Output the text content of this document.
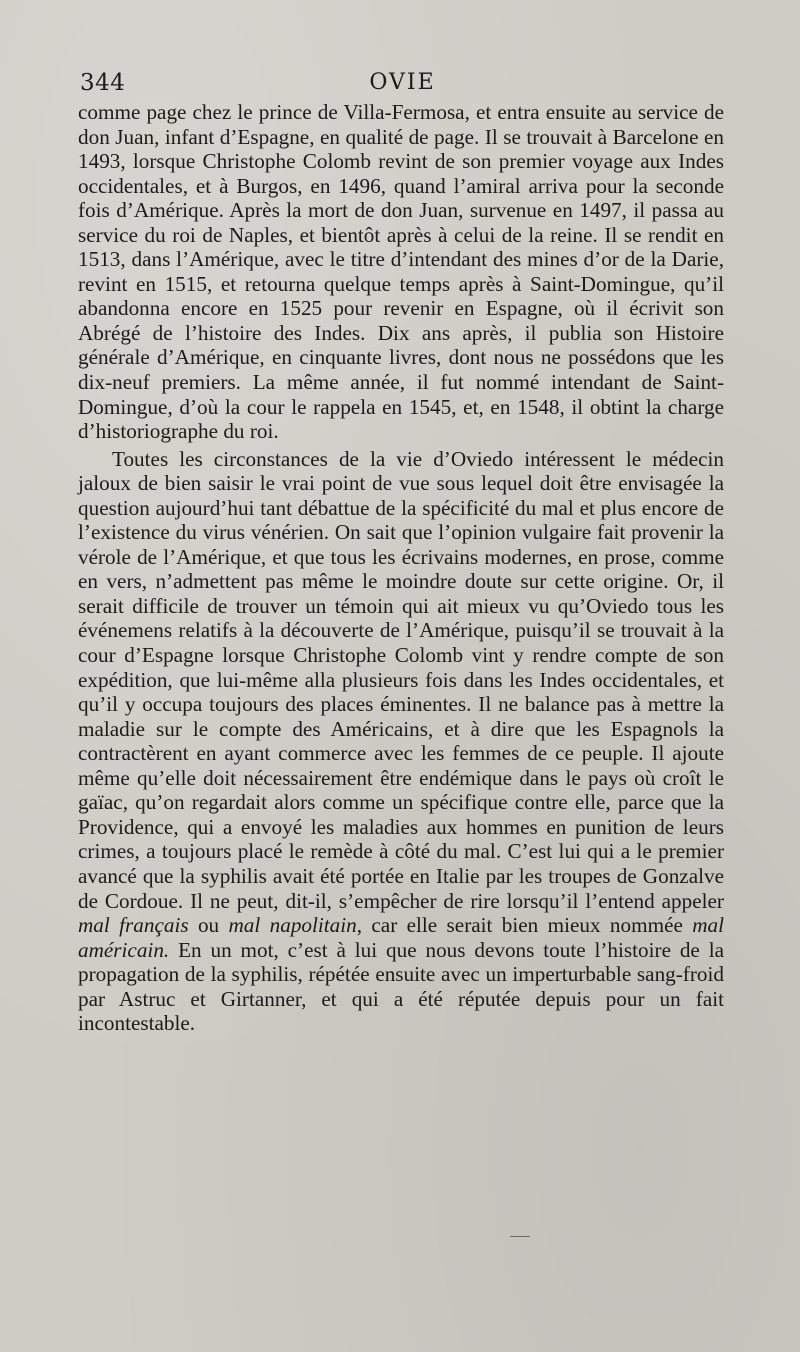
344	OVIE

comme page chez le prince de Villa-Fermosa, et entra ensuite au service de don Juan, infant d’Espagne, en qualité de page. Il se trouvait à Barcelone en 1493, lorsque Christophe Colomb revint de son premier voyage aux Indes occidentales, et à Burgos, en 1496, quand l’amiral arriva pour la seconde fois d’Amérique. Après la mort de don Juan, survenue en 1497, il passa au service du roi de Naples, et bientôt après à celui de la reine. Il se rendit en 1513, dans l’Amérique, avec le titre d’intendant des mines d’or de la Darie, revint en 1515, et retourna quelque temps après à Saint-Domingue, qu’il abandonna encore en 1525 pour revenir en Espagne, où il écrivit son Abrégé de l’histoire des Indes. Dix ans après, il publia son Histoire générale d’Amérique, en cinquante livres, dont nous ne possédons que les dix-neuf premiers. La même année, il fut nommé intendant de Saint-Domingue, d’où la cour le rappela en 1545, et, en 1548, il obtint la charge d’historiographe du roi.

Toutes les circonstances de la vie d’Oviedo intéressent le médecin jaloux de bien saisir le vrai point de vue sous lequel doit être envisagée la question aujourd’hui tant débattue de la spécificité du mal et plus encore de l’existence du virus vénérien. On sait que l’opinion vulgaire fait provenir la vérole de l’Amérique, et que tous les écrivains modernes, en prose, comme en vers, n’admettent pas même le moindre doute sur cette origine. Or, il serait difficile de trouver un témoin qui ait mieux vu qu’Oviedo tous les événemens relatifs à la découverte de l’Amérique, puisqu’il se trouvait à la cour d’Espagne lorsque Christophe Colomb vint y rendre compte de son expédition, que lui-même alla plusieurs fois dans les Indes occidentales, et qu’il y occupa toujours des places éminentes. Il ne balance pas à mettre la maladie sur le compte des Américains, et à dire que les Espagnols la contractèrent en ayant commerce avec les femmes de ce peuple. Il ajoute même qu’elle doit nécessairement être endémique dans le pays où croît le gaïac, qu’on regardait alors comme un spécifique contre elle, parce que la Providence, qui a envoyé les maladies aux hommes en punition de leurs crimes, a toujours placé le remède à côté du mal. C’est lui qui a le premier avancé que la syphilis avait été portée en Italie par les troupes de Gonzalve de Cordoue. Il ne peut, dit-il, s’empêcher de rire lorsqu’il l’entend appeler mal français ou mal napolitain, car elle serait bien mieux nommée mal américain. En un mot, c’est à lui que nous devons toute l’histoire de la propagation de la syphilis, répétée ensuite avec un imperturbable sang-froid par Astruc et Girtanner, et qui a été réputée depuis pour un fait incontestable.
